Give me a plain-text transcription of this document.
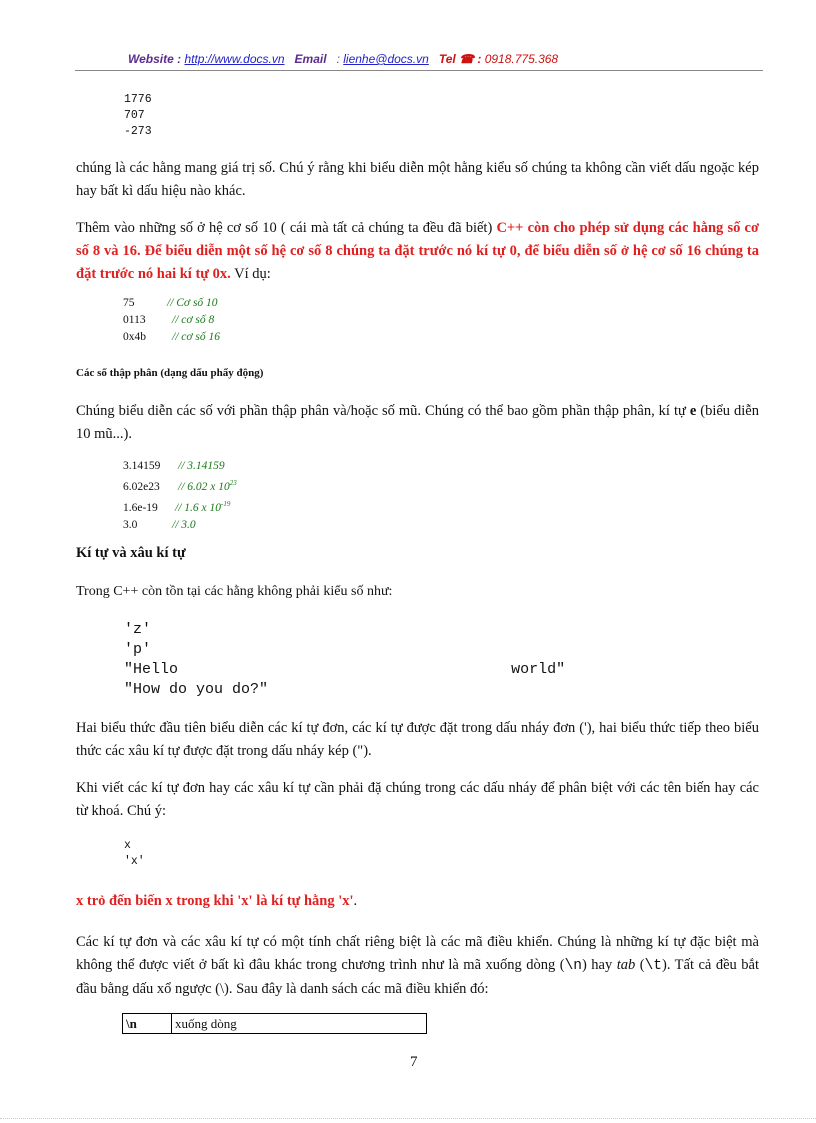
Website : http://www.docs.vn Email : lienhe@docs.vn Tel ☎ : 0918.775.368
1776
707
-273
chúng là các hằng mang giá trị số. Chú ý rằng khi biểu diễn một hằng kiểu số chúng ta không cần viết dấu ngoặc kép hay bất kì dấu hiệu nào khác.
Thêm vào những số ở hệ cơ số 10 ( cái mà tất cả chúng ta đều đã biết) C++ còn cho phép sử dụng các hằng số cơ số 8 và 16. Để biểu diễn một số hệ cơ số 8 chúng ta đặt trước nó kí tự 0, để biểu diễn số ở hệ cơ số 16 chúng ta đặt trước nó hai kí tự 0x. Ví dụ:
75	// Cơ số 10
0113 // cơ số 8
0x4b // cơ số 16
Các số thập phân (dạng dấu phẩy động)
Chúng biểu diễn các số với phần thập phân và/hoặc số mũ. Chúng có thể bao gồm phần thập phân, kí tự e (biểu diễn 10 mũ...).
3.14159 // 3.14159
6.02e23 // 6.02 x $10^{23}$
1.6e-19 // 1.6 x $10^{-19}$
3.0	// 3.0
Kí tự và xâu kí tự
Trong C++ còn tồn tại các hằng không phải kiểu số như:
'z'
'p'
"Hello                                     world"
"How do you do?"
Hai biểu thức đầu tiên biểu diễn các kí tự đơn, các kí tự được đặt trong dấu nháy đơn ('), hai biểu thức tiếp theo biểu thức các xâu kí tự được đặt trong dấu nháy kép (").
Khi viết các kí tự đơn hay các xâu kí tự cần phải đặ chúng trong các dấu nháy để phân biệt với các tên biến hay các từ khoá. Chú ý:
x
'x'
x trỏ đến biến x trong khi 'x' là kí tự hằng 'x'.
Các kí tự đơn và các xâu kí tự có một tính chất riêng biệt là các mã điều khiển. Chúng là những kí tự đặc biệt mà không thể được viết ở bất kì đâu khác trong chương trình như là mã xuống dòng (\n) hay tab (\t). Tất cả đều bắt đầu bằng dấu xổ ngược (\). Sau đây là danh sách các mã điều khiển đó:
\n	xuống dòng
7
